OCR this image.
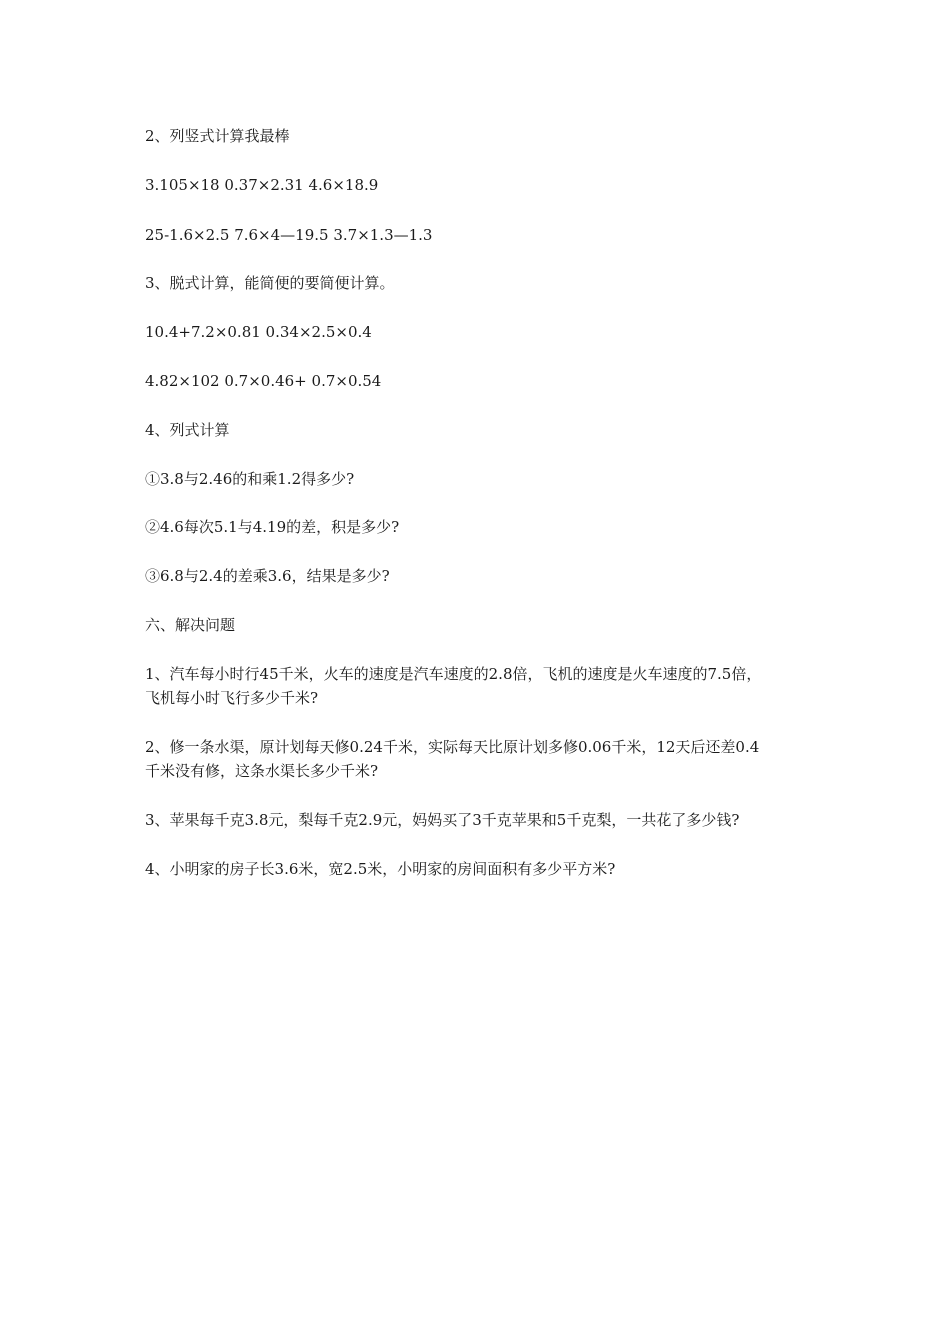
2、列竖式计算我最棒
3.105×18 0.37×2.31 4.6×18.9
25-1.6×2.5 7.6×4—19.5 3.7×1.3—1.3
3、脱式计算，能简便的要简便计算。
10.4+7.2×0.81 0.34×2.5×0.4
4.82×102 0.7×0.46+ 0.7×0.54
4、列式计算
①3.8与2.46的和乘1.2得多少?
②4.6每次5.1与4.19的差，积是多少?
③6.8与2.4的差乘3.6，结果是多少?
六、解决问题
1、汽车每小时行45千米，火车的速度是汽车速度的2.8倍，飞机的速度是火车速度的7.5倍，
飞机每小时飞行多少千米?
2、修一条水渠，原计划每天修0.24千米，实际每天比原计划多修0.06千米，12天后还差0.4
千米没有修，这条水渠长多少千米?
3、苹果每千克3.8元，梨每千克2.9元，妈妈买了3千克苹果和5千克梨，一共花了多少钱?
4、小明家的房子长3.6米，宽2.5米，小明家的房间面积有多少平方米?
